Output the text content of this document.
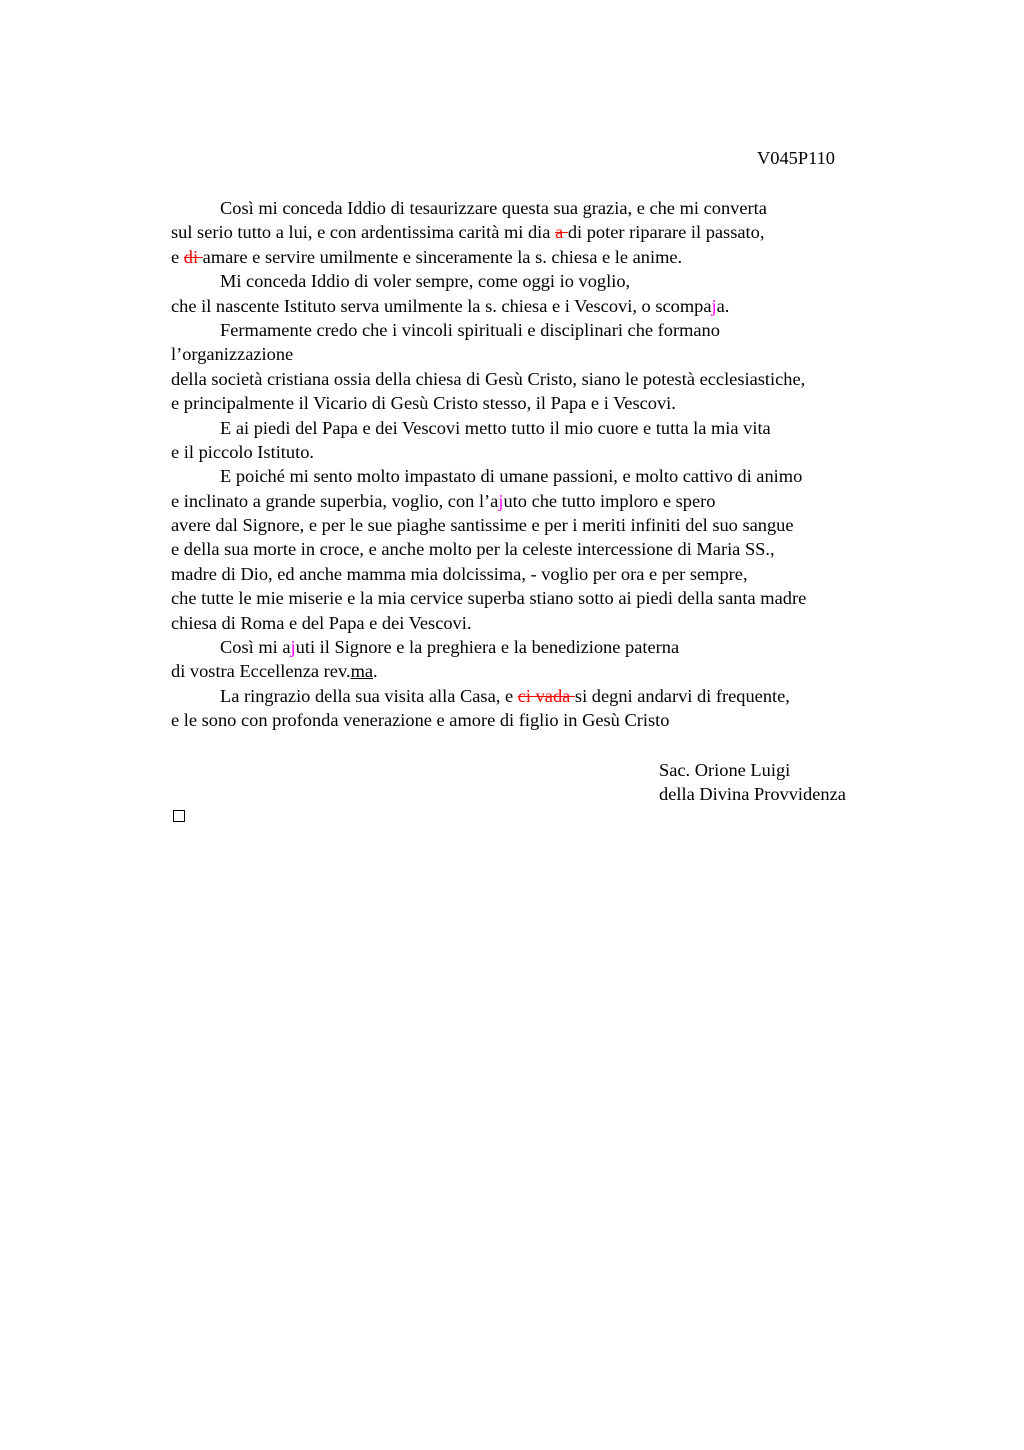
V045P110
Così mi conceda Iddio di tesaurizzare questa sua grazia, e che mi converta
sul serio tutto a lui, e con ardentissima carità mi dia a di poter riparare il passato,
e di amare e servire umilmente e sinceramente la s. chiesa e le anime.
Mi conceda Iddio di voler sempre, come oggi io voglio,
che il nascente Istituto serva umilmente la s. chiesa e i Vescovi, o scompaja.
Fermamente credo che i vincoli spirituali e disciplinari che formano
l’organizzazione
della società cristiana ossia della chiesa di Gesù Cristo, siano le potestà ecclesiastiche,
e principalmente il Vicario di Gesù Cristo stesso, il Papa e i Vescovi.
E ai piedi del Papa e dei Vescovi metto tutto il mio cuore e tutta la mia vita
e il piccolo Istituto.
E poiché mi sento molto impastato di umane passioni, e molto cattivo di animo
e inclinato a grande superbia, voglio, con l’ajuto che tutto imploro e spero
avere dal Signore, e per le sue piaghe santissime e per i meriti infiniti del suo sangue
e della sua morte in croce, e anche molto per la celeste intercessione di Maria SS.,
madre di Dio, ed anche mamma mia dolcissima, - voglio per ora e per sempre,
che tutte le mie miserie e la mia cervice superba stiano sotto ai piedi della santa madre
chiesa di Roma e del Papa e dei Vescovi.
Così mi ajuti il Signore e la preghiera e la benedizione paterna
di vostra Eccellenza rev.ma.
La ringrazio della sua visita alla Casa, e ci vada si degni andarvi di frequente,
e le sono con profonda venerazione e amore di figlio in Gesù Cristo
Sac. Orione Luigi
della Divina Provvidenza
